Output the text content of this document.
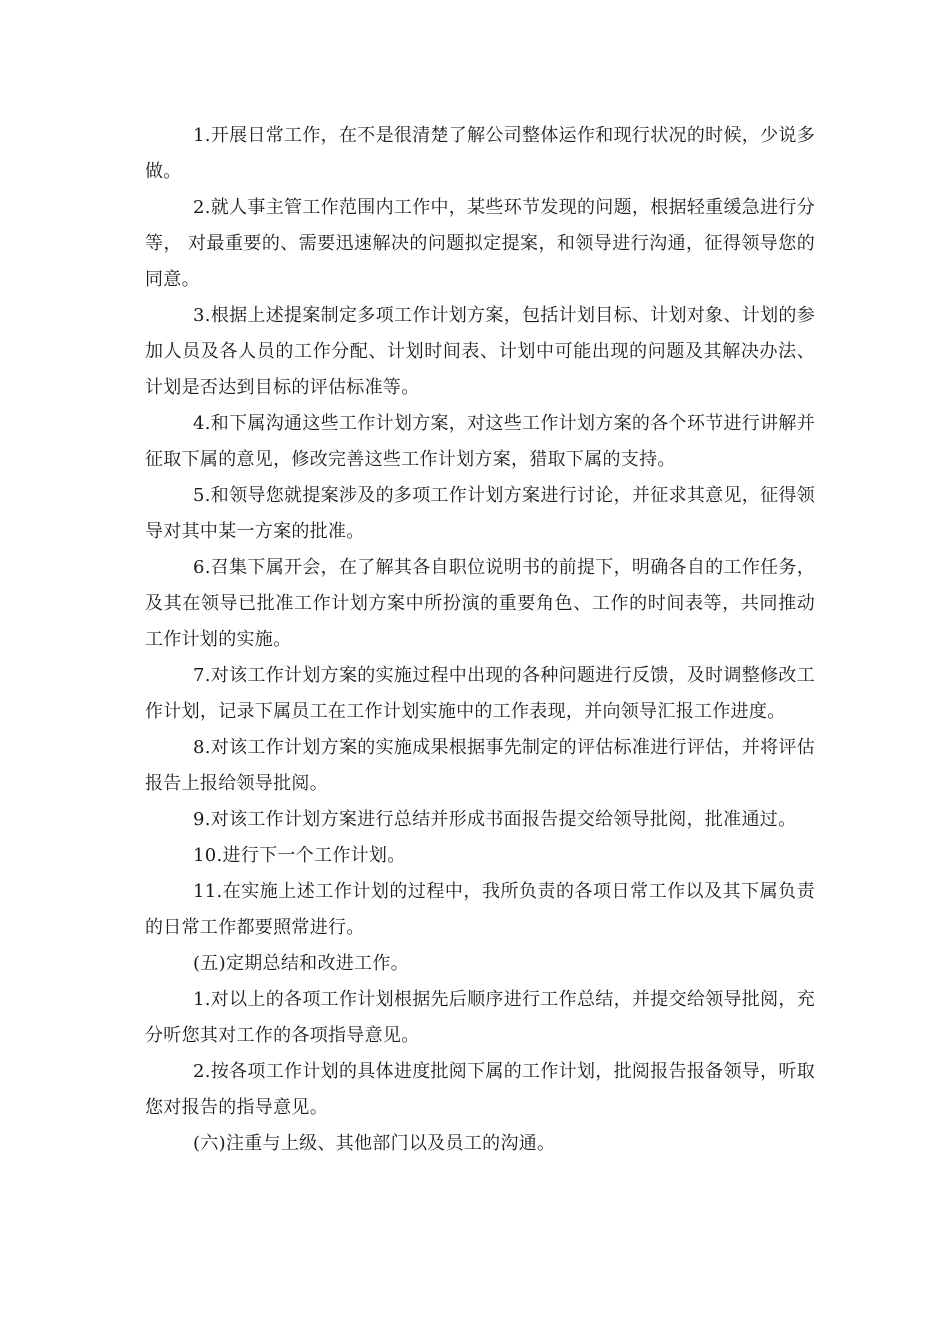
1.开展日常工作，在不是很清楚了解公司整体运作和现行状况的时候，少说多做。

2.就人事主管工作范围内工作中，某些环节发现的问题，根据轻重缓急进行分等， 对最重要的、需要迅速解决的问题拟定提案，和领导进行沟通，征得领导您的同意。

3.根据上述提案制定多项工作计划方案，包括计划目标、计划对象、计划的参加人员及各人员的工作分配、计划时间表、计划中可能出现的问题及其解决办法、计划是否达到目标的评估标准等。

4.和下属沟通这些工作计划方案，对这些工作计划方案的各个环节进行讲解并征取下属的意见，修改完善这些工作计划方案，猎取下属的支持。

5.和领导您就提案涉及的多项工作计划方案进行讨论，并征求其意见，征得领导对其中某一方案的批准。

6.召集下属开会，在了解其各自职位说明书的前提下，明确各自的工作任务，及其在领导已批准工作计划方案中所扮演的重要角色、工作的时间表等，共同推动工作计划的实施。

7.对该工作计划方案的实施过程中出现的各种问题进行反馈，及时调整修改工作计划，记录下属员工在工作计划实施中的工作表现，并向领导汇报工作进度。

8.对该工作计划方案的实施成果根据事先制定的评估标准进行评估，并将评估报告上报给领导批阅。

9.对该工作计划方案进行总结并形成书面报告提交给领导批阅，批准通过。

10.进行下一个工作计划。

11.在实施上述工作计划的过程中，我所负责的各项日常工作以及其下属负责的日常工作都要照常进行。

(五)定期总结和改进工作。

1.对以上的各项工作计划根据先后顺序进行工作总结，并提交给领导批阅，充分听您其对工作的各项指导意见。

2.按各项工作计划的具体进度批阅下属的工作计划，批阅报告报备领导，听取您对报告的指导意见。

(六)注重与上级、其他部门以及员工的沟通。
